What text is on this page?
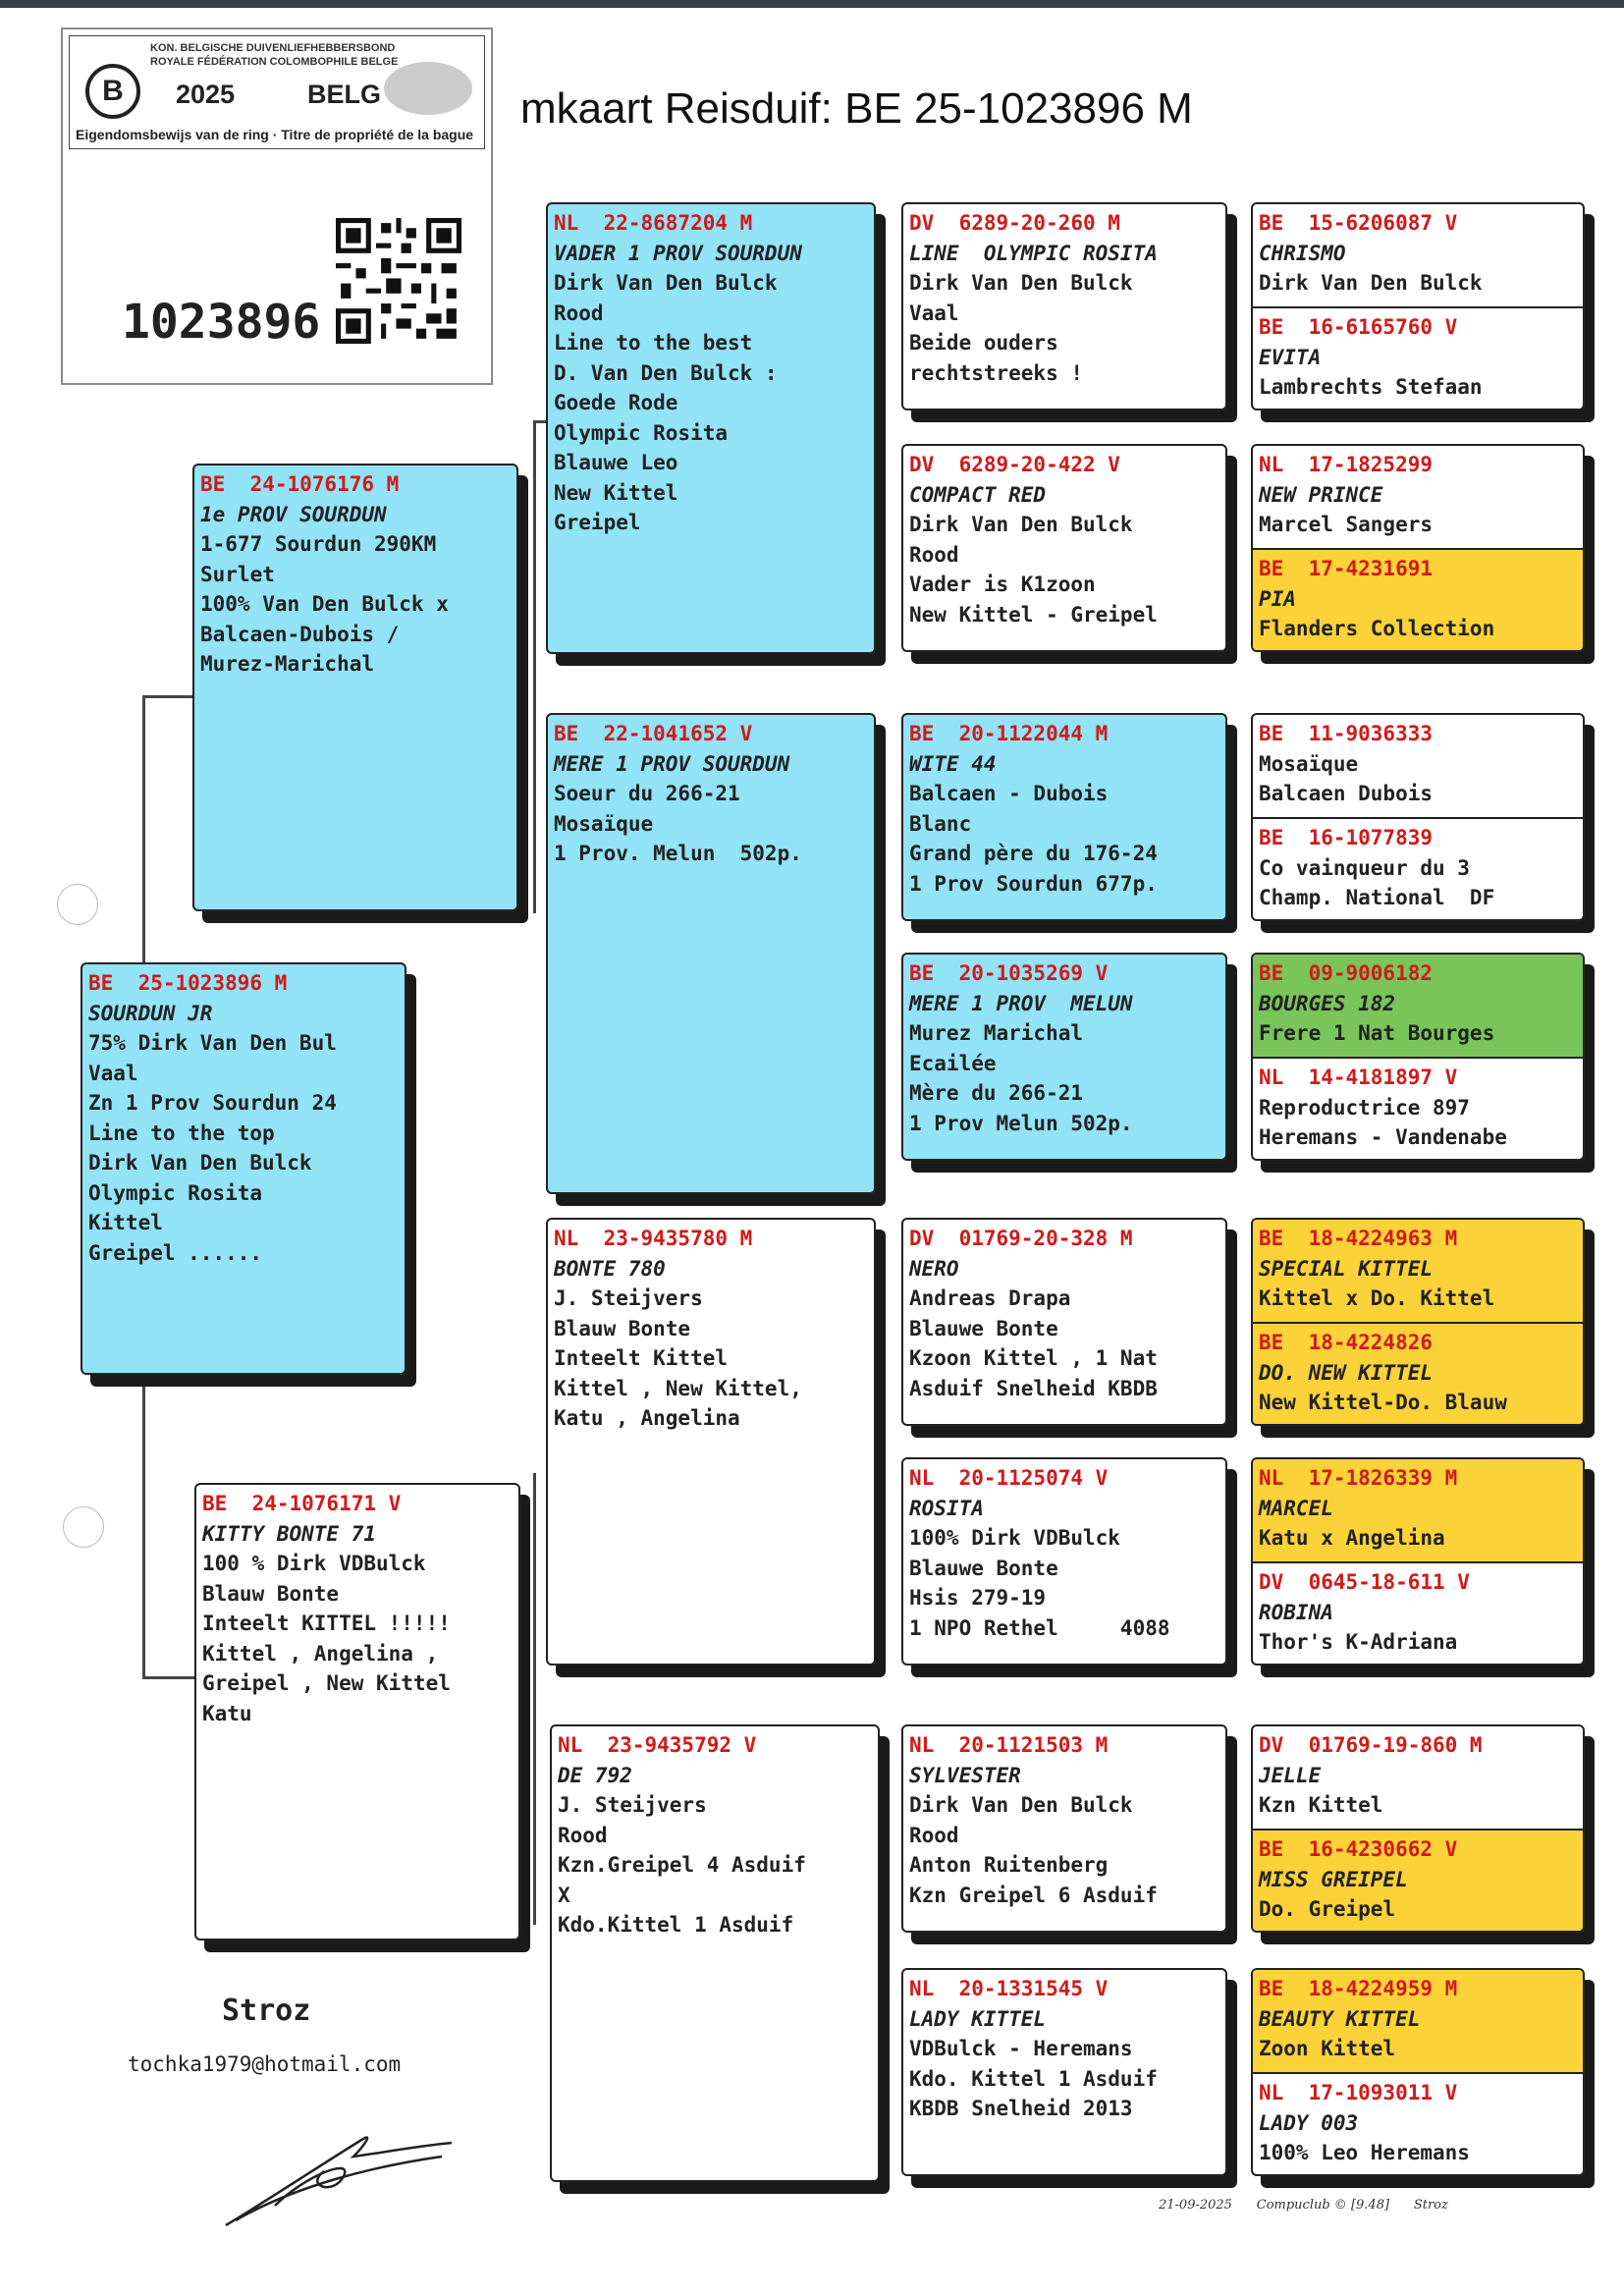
B
KON. BELGISCHE DUIVENLIEFHEBBERSBOND
ROYALE FÉDÉRATION COLOMBOPHILE BELGE
2025	BELG
Eigendomsbewijs van de ring · Titre de propriété de la bague
1023896
mkaart Reisduif: BE 25-1023896 M
BE  25-1023896 M
SOURDUN JR
75% Dirk Van Den Bul
Vaal
Zn 1 Prov Sourdun 24
Line to the top
Dirk Van Den Bulck
Olympic Rosita
Kittel
Greipel ......
BE  24-1076176 M
1e PROV SOURDUN
1-677 Sourdun 290KM
Surlet
100% Van Den Bulck x
Balcaen-Dubois /
Murez-Marichal
BE  24-1076171 V
KITTY BONTE 71
100 % Dirk VDBulck
Blauw Bonte
Inteelt KITTEL !!!!!
Kittel , Angelina ,
Greipel , New Kittel
Katu
NL  22-8687204 M
VADER 1 PROV SOURDUN
Dirk Van Den Bulck
Rood
Line to the best
D. Van Den Bulck :
Goede Rode
Olympic Rosita
Blauwe Leo
New Kittel
Greipel
BE  22-1041652 V
MERE 1 PROV SOURDUN
Soeur du 266-21
Mosaïque
1 Prov. Melun  502p.
NL  23-9435780 M
BONTE 780
J. Steijvers
Blauw Bonte
Inteelt Kittel
Kittel , New Kittel,
Katu , Angelina
NL  23-9435792 V
DE 792
J. Steijvers
Rood
Kzn.Greipel 4 Asduif
X
Kdo.Kittel 1 Asduif
DV  6289-20-260 M
LINE  OLYMPIC ROSITA
Dirk Van Den Bulck
Vaal
Beide ouders
rechtstreeks !
DV  6289-20-422 V
COMPACT RED
Dirk Van Den Bulck
Rood
Vader is K1zoon
New Kittel - Greipel
BE  20-1122044 M
WITE 44
Balcaen - Dubois
Blanc
Grand père du 176-24
1 Prov Sourdun 677p.
BE  20-1035269 V
MERE 1 PROV  MELUN
Murez Marichal
Ecailée
Mère du 266-21
1 Prov Melun 502p.
DV  01769-20-328 M
NERO
Andreas Drapa
Blauwe Bonte
Kzoon Kittel , 1 Nat
Asduif Snelheid KBDB
NL  20-1125074 V
ROSITA
100% Dirk VDBulck
Blauwe Bonte
Hsis 279-19
1 NPO Rethel     4088
NL  20-1121503 M
SYLVESTER
Dirk Van Den Bulck
Rood
Anton Ruitenberg
Kzn Greipel 6 Asduif
NL  20-1331545 V
LADY KITTEL
VDBulck - Heremans
Kdo. Kittel 1 Asduif
KBDB Snelheid 2013
BE  15-6206087 V
CHRISMO
Dirk Van Den Bulck
BE  16-6165760 V
EVITA
Lambrechts Stefaan
NL  17-1825299
NEW PRINCE
Marcel Sangers
BE  17-4231691
PIA
Flanders Collection
BE  11-9036333
Mosaïque
Balcaen Dubois
BE  16-1077839
Co vainqueur du 3
Champ. National  DF
BE  09-9006182
BOURGES 182
Frere 1 Nat Bourges
NL  14-4181897 V
Reproductrice 897
Heremans - Vandenabe
BE  18-4224963 M
SPECIAL KITTEL
Kittel x Do. Kittel
BE  18-4224826
DO. NEW KITTEL
New Kittel-Do. Blauw
NL  17-1826339 M
MARCEL
Katu x Angelina
DV  0645-18-611 V
ROBINA
Thor's K-Adriana
DV  01769-19-860 M
JELLE
Kzn Kittel
BE  16-4230662 V
MISS GREIPEL
Do. Greipel
BE  18-4224959 M
BEAUTY KITTEL
Zoon Kittel
NL  17-1093011 V
LADY 003
100% Leo Heremans
Stroz
tochka1979@hotmail.com
21-09-2025 Compuclub © [9.48] Stroz
